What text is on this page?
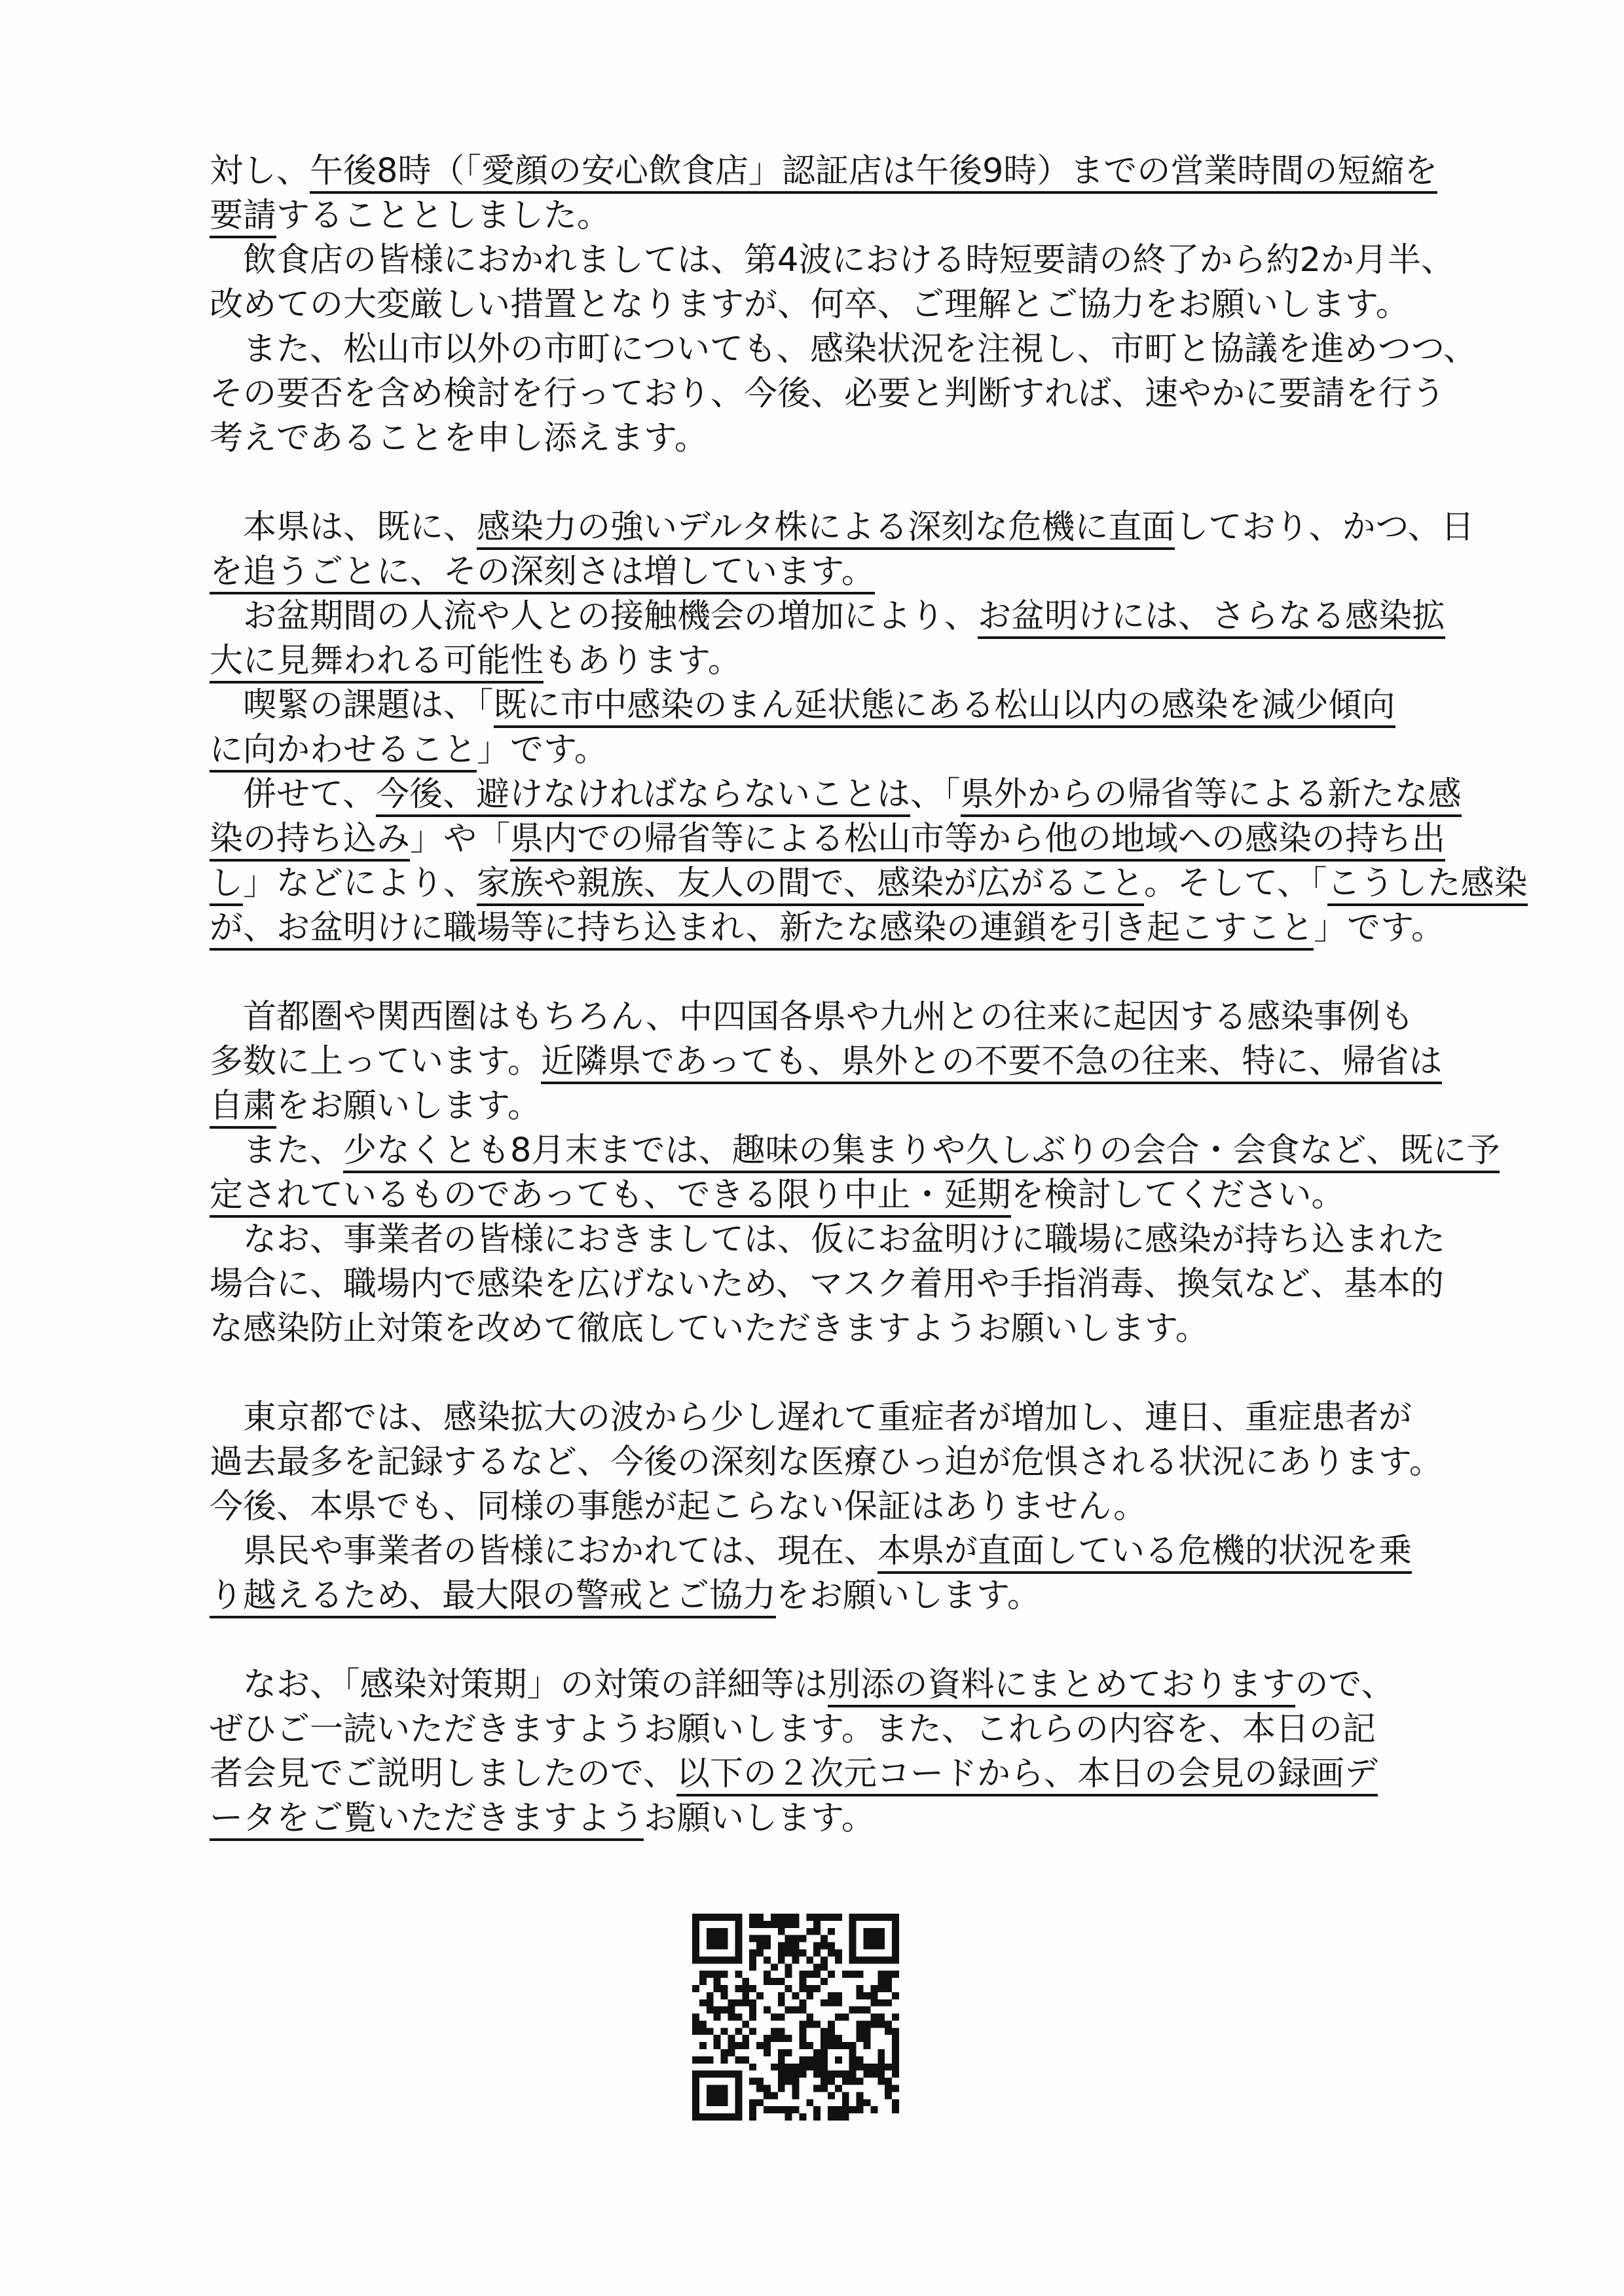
対し、午後8時（「愛顔の安心飲食店」認証店は午後9時）までの営業時間の短縮を
要請することとしました。
　飲食店の皆様におかれましては、第4波における時短要請の終了から約2か月半、
改めての大変厳しい措置となりますが、何卒、ご理解とご協力をお願いします。
　また、松山市以外の市町についても、感染状況を注視し、市町と協議を進めつつ、
その要否を含め検討を行っており、今後、必要と判断すれば、速やかに要請を行う
考えであることを申し添えます。
　本県は、既に、感染力の強いデルタ株による深刻な危機に直面しており、かつ、日
を追うごとに、その深刻さは増しています。
　お盆期間の人流や人との接触機会の増加により、お盆明けには、さらなる感染拡
大に見舞われる可能性もあります。
　喫緊の課題は、「既に市中感染のまん延状態にある松山以内の感染を減少傾向
に向かわせること」です。
　併せて、今後、避けなければならないことは、「県外からの帰省等による新たな感
染の持ち込み」や「県内での帰省等による松山市等から他の地域への感染の持ち出
し」などにより、家族や親族、友人の間で、感染が広がること。そして、「こうした感染
が、お盆明けに職場等に持ち込まれ、新たな感染の連鎖を引き起こすこと」です。
　首都圏や関西圏はもちろん、中四国各県や九州との往来に起因する感染事例も
多数に上っています。近隣県であっても、県外との不要不急の往来、特に、帰省は
自粛をお願いします。
　また、少なくとも8月末までは、趣味の集まりや久しぶりの会合・会食など、既に予
定されているものであっても、できる限り中止・延期を検討してください。
　なお、事業者の皆様におきましては、仮にお盆明けに職場に感染が持ち込まれた
場合に、職場内で感染を広げないため、マスク着用や手指消毒、換気など、基本的
な感染防止対策を改めて徹底していただきますようお願いします。
　東京都では、感染拡大の波から少し遅れて重症者が増加し、連日、重症患者が
過去最多を記録するなど、今後の深刻な医療ひっ迫が危惧される状況にあります。
今後、本県でも、同様の事態が起こらない保証はありません。
　県民や事業者の皆様におかれては、現在、本県が直面している危機的状況を乗
り越えるため、最大限の警戒とご協力をお願いします。
　なお、「感染対策期」の対策の詳細等は別添の資料にまとめておりますので、
ぜひご一読いただきますようお願いします。また、これらの内容を、本日の記
者会見でご説明しましたので、以下の２次元コードから、本日の会見の録画デ
ータをご覧いただきますようお願いします。
